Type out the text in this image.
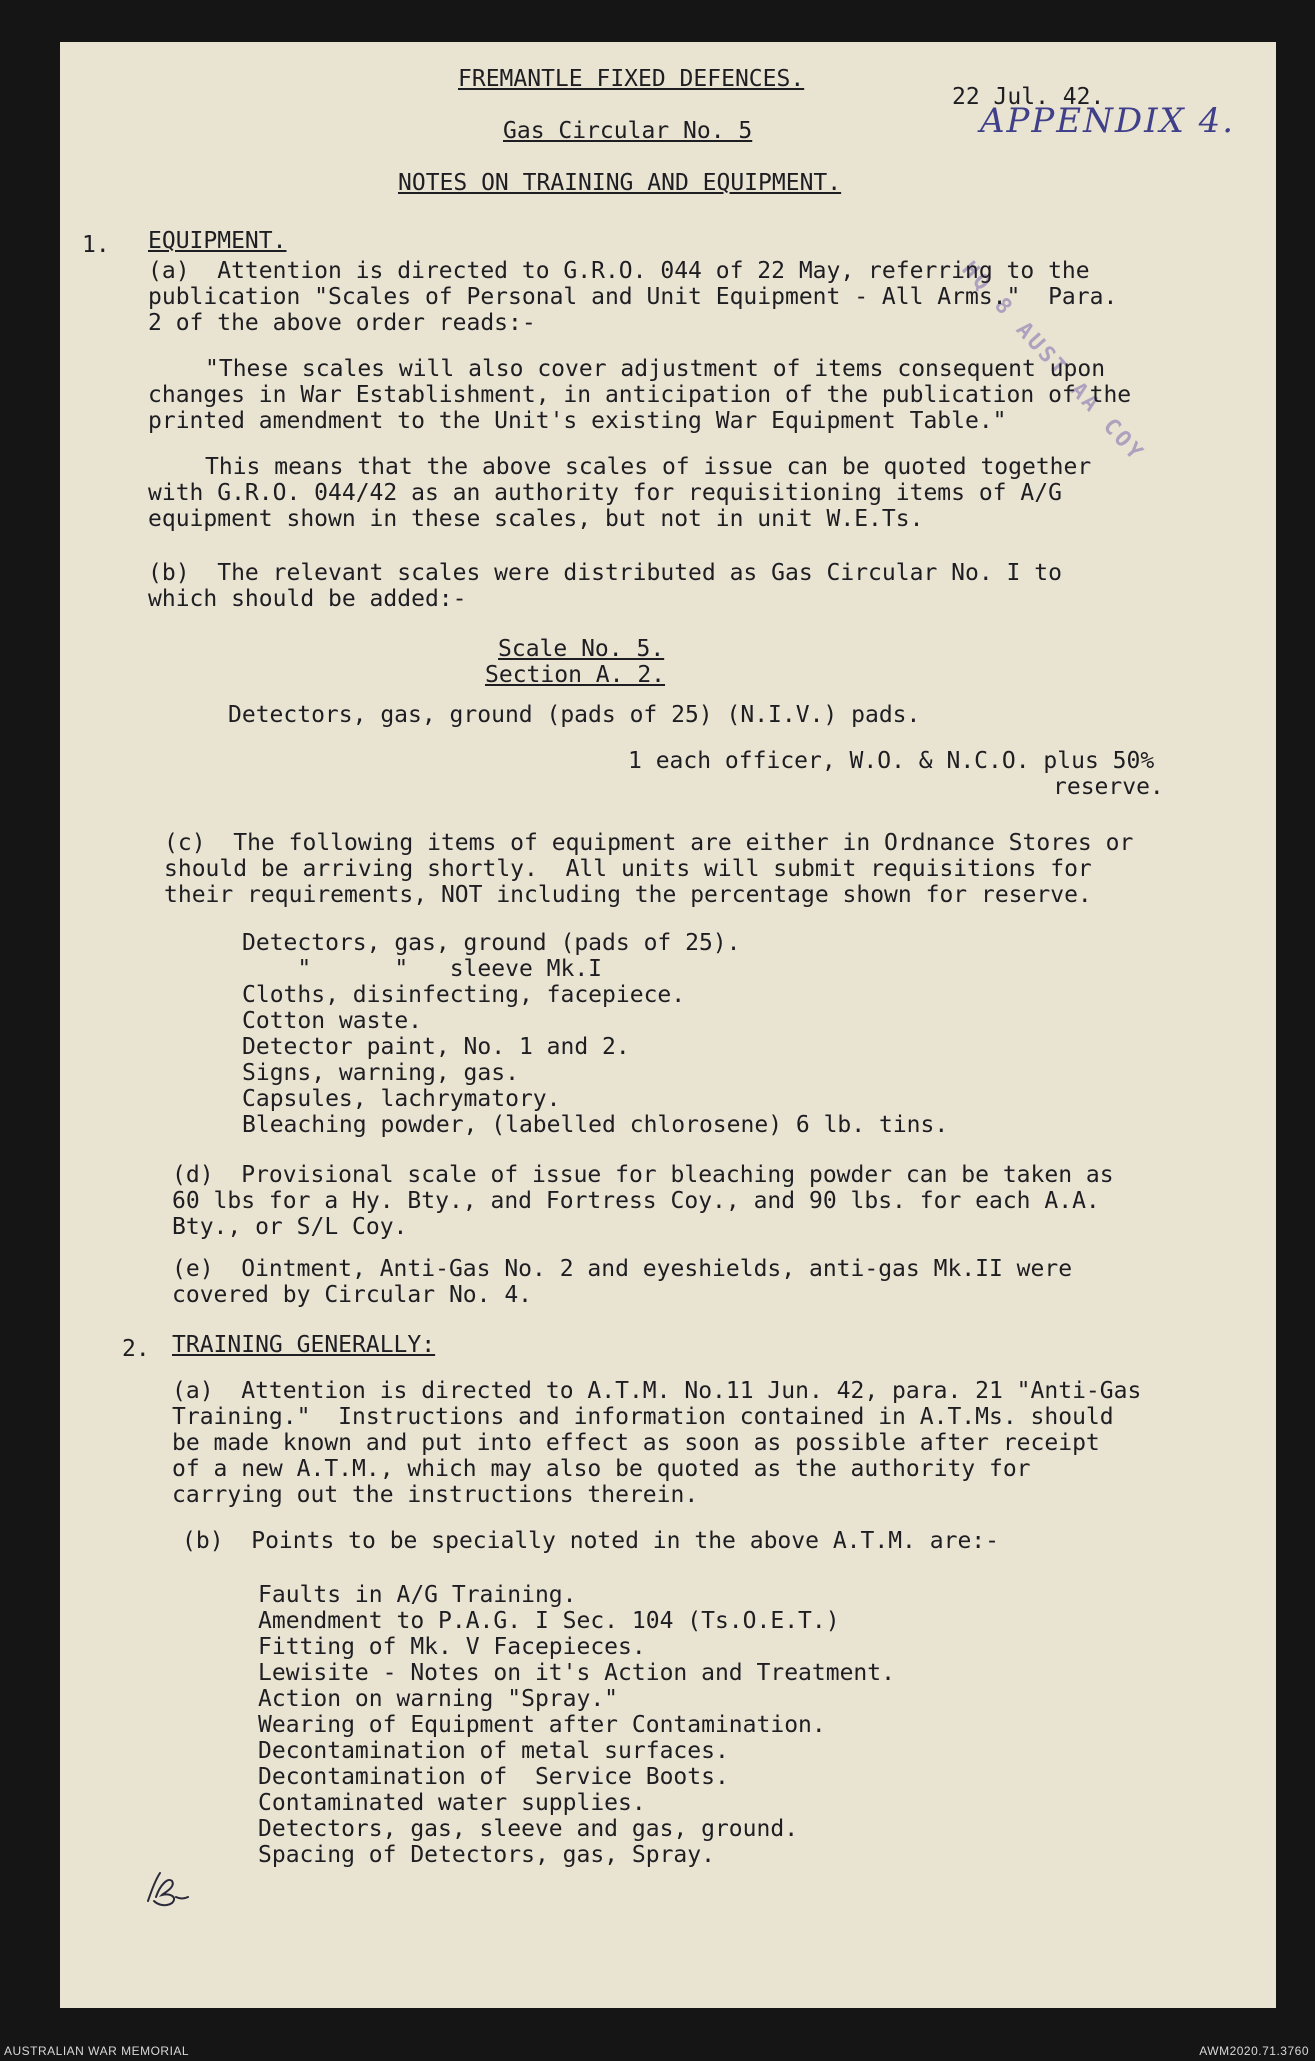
FREMANTLE FIXED DEFENCES.
22 Jul. 42.
APPENDIX 4.
Gas Circular No. 5
NOTES ON TRAINING AND EQUIPMENT.
HQ 8 AUST AA COY
1. EQUIPMENT.
(a)  Attention is directed to G.R.O. 044 of 22 May, referring to the
publication "Scales of Personal and Unit Equipment - All Arms."  Para.
2 of the above order reads:-
"These scales will also cover adjustment of items consequent upon
changes in War Establishment, in anticipation of the publication of the
printed amendment to the Unit's existing War Equipment Table."
This means that the above scales of issue can be quoted together
with G.R.O. 044/42 as an authority for requisitioning items of A/G
equipment shown in these scales, but not in unit W.E.Ts.
(b)  The relevant scales were distributed as Gas Circular No. I to
which should be added:-
Scale No. 5.
Section A. 2.
Detectors, gas, ground (pads of 25) (N.I.V.) pads.
1 each officer, W.O. & N.C.O. plus 50%
reserve.
(c)  The following items of equipment are either in Ordnance Stores or
should be arriving shortly.  All units will submit requisitions for
their requirements, NOT including the percentage shown for reserve.
Detectors, gas, ground (pads of 25).
"      "   sleeve Mk.I
Cloths, disinfecting, facepiece.
Cotton waste.
Detector paint, No. 1 and 2.
Signs, warning, gas.
Capsules, lachrymatory.
Bleaching powder, (labelled chlorosene) 6 lb. tins.
(d)  Provisional scale of issue for bleaching powder can be taken as
60 lbs for a Hy. Bty., and Fortress Coy., and 90 lbs. for each A.A.
Bty., or S/L Coy.
(e)  Ointment, Anti-Gas No. 2 and eyeshields, anti-gas Mk.II were
covered by Circular No. 4.
2. TRAINING GENERALLY:
(a)  Attention is directed to A.T.M. No.11 Jun. 42, para. 21 "Anti-Gas
Training."  Instructions and information contained in A.T.Ms. should
be made known and put into effect as soon as possible after receipt
of a new A.T.M., which may also be quoted as the authority for
carrying out the instructions therein.
(b)  Points to be specially noted in the above A.T.M. are:-
Faults in A/G Training.
Amendment to P.A.G. I Sec. 104 (Ts.O.E.T.)
Fitting of Mk. V Facepieces.
Lewisite - Notes on it's Action and Treatment.
Action on warning "Spray."
Wearing of Equipment after Contamination.
Decontamination of metal surfaces.
Decontamination of  Service Boots.
Contaminated water supplies.
Detectors, gas, sleeve and gas, ground.
Spacing of Detectors, gas, Spray.
AUSTRALIAN WAR MEMORIAL	AWM2020.71.3760
